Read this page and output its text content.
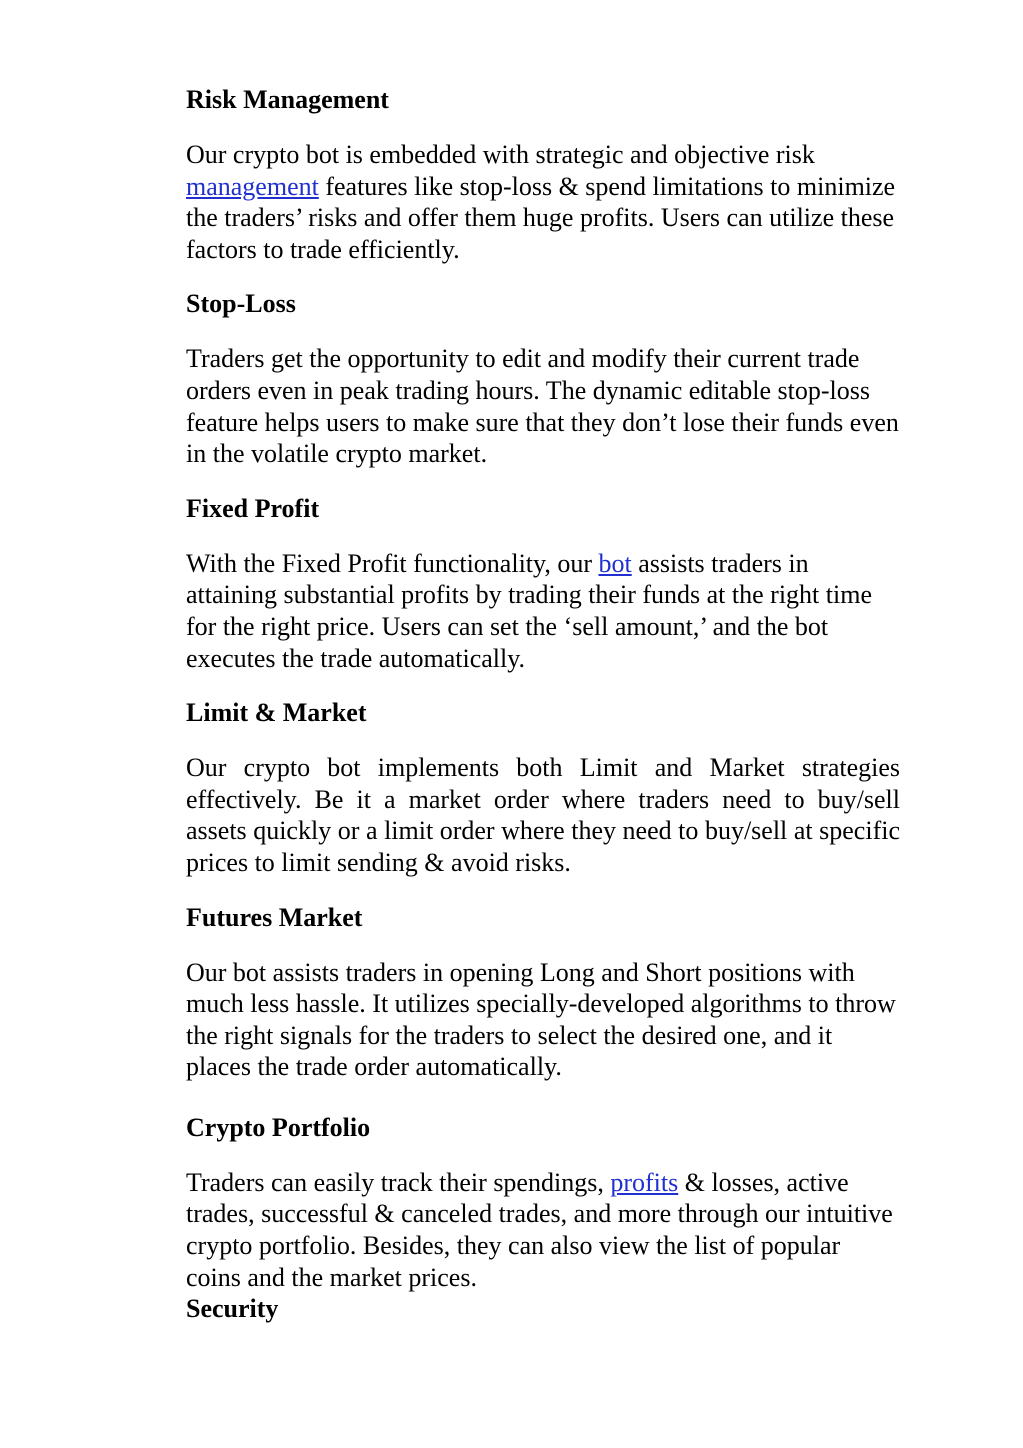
Risk Management
Our crypto bot is embedded with strategic and objective risk management features like stop-loss & spend limitations to minimize the traders’ risks and offer them huge profits. Users can utilize these factors to trade efficiently.
Stop-Loss
Traders get the opportunity to edit and modify their current trade orders even in peak trading hours. The dynamic editable stop-loss feature helps users to make sure that they don’t lose their funds even in the volatile crypto market.
Fixed Profit
With the Fixed Profit functionality, our bot assists traders in attaining substantial profits by trading their funds at the right time for the right price. Users can set the ‘sell amount,’ and the bot executes the trade automatically.
Limit & Market
Our crypto bot implements both Limit and Market strategies effectively. Be it a market order where traders need to buy/sell assets quickly or a limit order where they need to buy/sell at specific prices to limit sending & avoid risks.
Futures Market
Our bot assists traders in opening Long and Short positions with much less hassle. It utilizes specially-developed algorithms to throw the right signals for the traders to select the desired one, and it places the trade order automatically.
Crypto Portfolio
Traders can easily track their spendings, profits & losses, active trades, successful & canceled trades, and more through our intuitive crypto portfolio. Besides, they can also view the list of popular coins and the market prices.
Security
